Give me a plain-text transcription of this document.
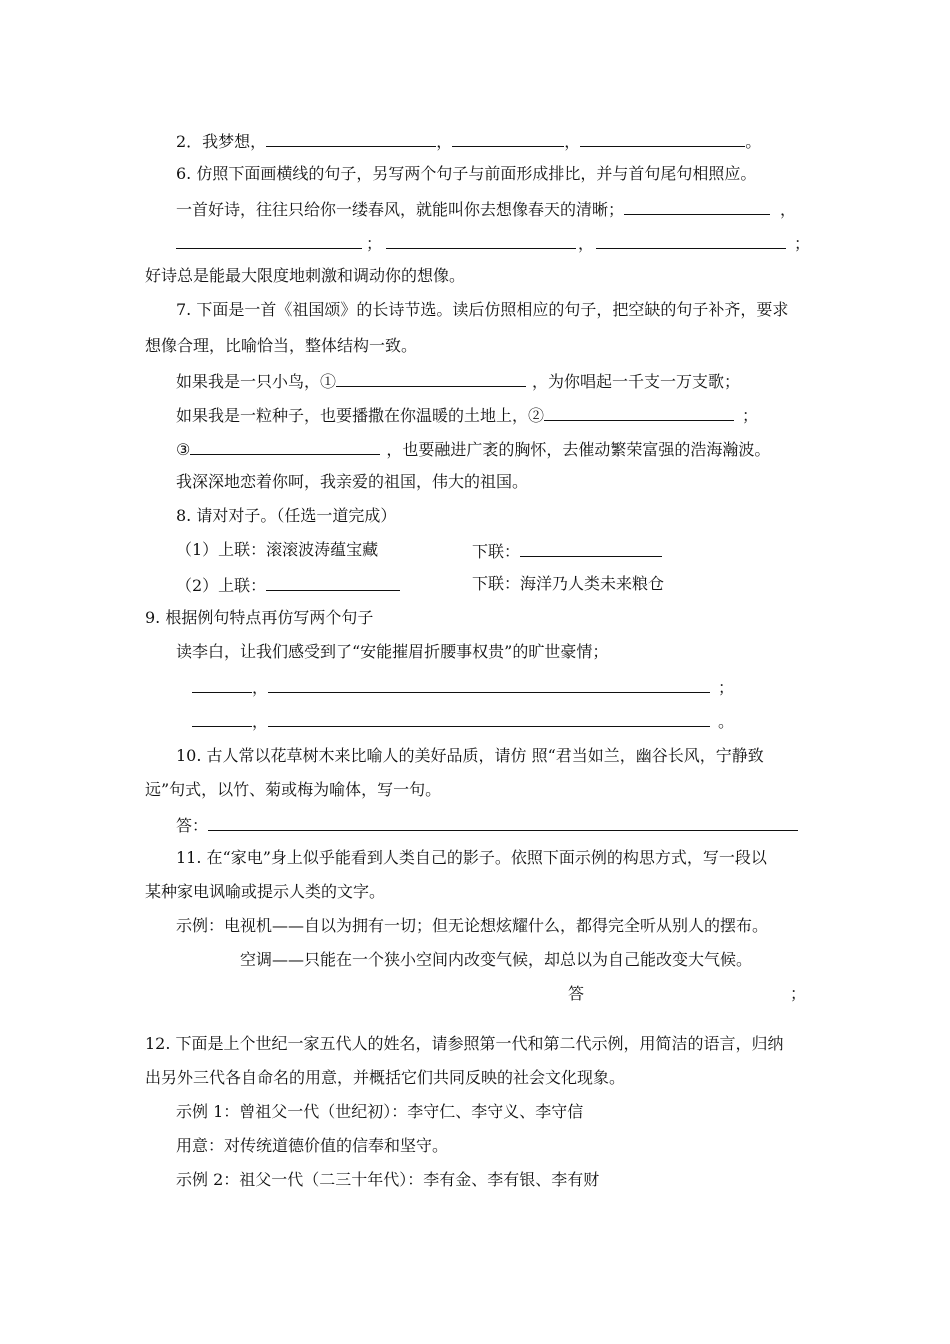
2．我梦想，	，	，	。
6. 仿照下面画横线的句子，另写两个句子与前面形成排比，并与首句尾句相照应。
一首好诗，往往只给你一缕春风，就能叫你去想像春天的清晰；	，
；	，	；
好诗总是能最大限度地刺激和调动你的想像。
7. 下面是一首《祖国颂》的长诗节选。读后仿照相应的句子，把空缺的句子补齐，要求
想像合理，比喻恰当，整体结构一致。
如果我是一只小鸟，①	，为你唱起一千支一万支歌；
如果我是一粒种子，也要播撒在你温暖的土地上，②	；
③	，也要融进广袤的胸怀，去催动繁荣富强的浩海瀚波。
我深深地恋着你呵，我亲爱的祖国，伟大的祖国。
8. 请对对子。（任选一道完成）
（1）上联：滚滚波涛蕴宝藏	下联：
（2）上联：	下联：海洋乃人类未来粮仓
9. 根据例句特点再仿写两个句子
读李白，让我们感受到了“安能摧眉折腰事权贵”的旷世豪情；
，	；
，	。
10. 古人常以花草树木来比喻人的美好品质，请仿 照“君当如兰，幽谷长风，宁静致
远”句式，以竹、菊或梅为喻体，写一句。
答：
11. 在“家电”身上似乎能看到人类自己的影子。依照下面示例的构思方式，写一段以
某种家电讽喻或提示人类的文字。
示例：电视机——自以为拥有一切；但无论想炫耀什么，都得完全听从别人的摆布。
空调——只能在一个狭小空间内改变气候，却总以为自己能改变大气候。
答	；
12. 下面是上个世纪一家五代人的姓名，请参照第一代和第二代示例，用简洁的语言，归纳
出另外三代各自命名的用意，并概括它们共同反映的社会文化现象。
示例 1：曾祖父一代（世纪初）：李守仁、李守义、李守信
用意：对传统道德价值的信奉和坚守。
示例 2：祖父一代（二三十年代）：李有金、李有银、李有财
